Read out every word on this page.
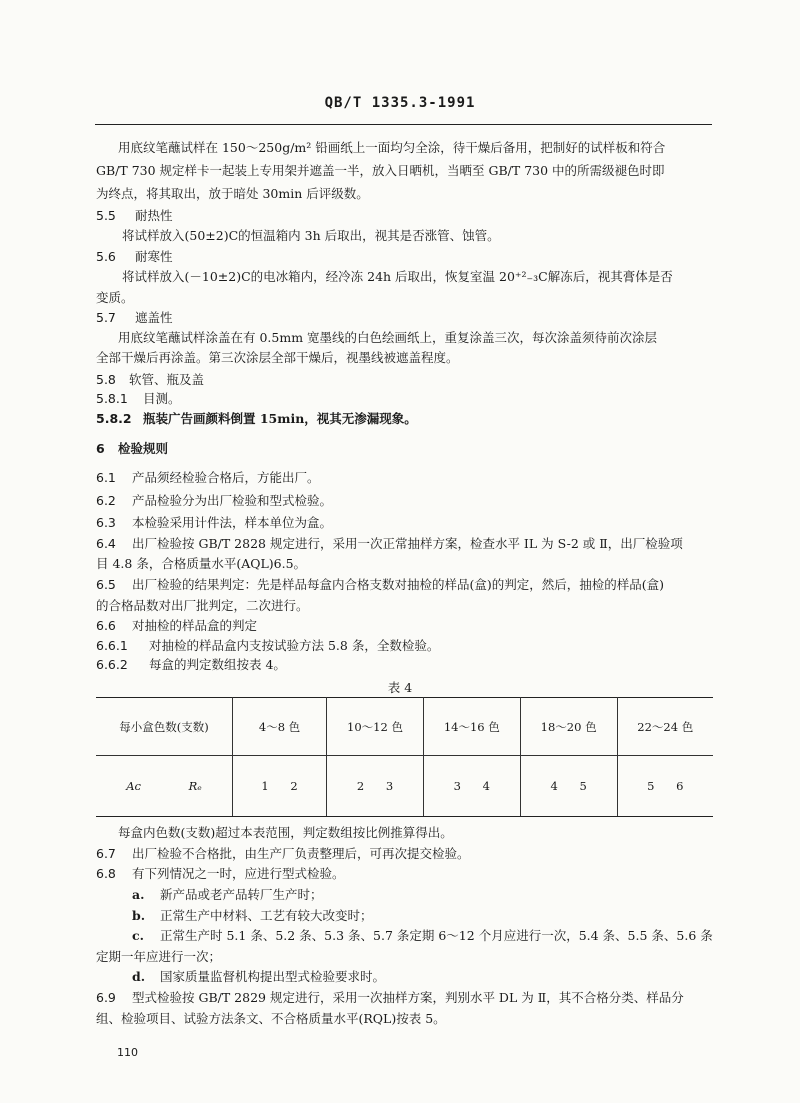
QB/T 1335.3-1991
用底纹笔蘸试样在 150～250g/m² 铅画纸上一面均匀全涂，待干燥后备用，把制好的试样板和符合
GB/T 730 规定样卡一起装上专用架并遮盖一半，放入日晒机，当晒至 GB/T 730 中的所需级褪色时即
为终点，将其取出，放于暗处 30min 后评级数。
5.5 耐热性
将试样放入(50±2)C的恒温箱内 3h 后取出，视其是否涨管、蚀管。
5.6 耐寒性
将试样放入(－10±2)C的电冰箱内，经冷冻 24h 后取出，恢复室温 20⁺²₋₃C解冻后，视其膏体是否
变质。
5.7 遮盖性
用底纹笔蘸试样涂盖在有 0.5mm 宽墨线的白色绘画纸上，重复涂盖三次，每次涂盖须待前次涂层
全部干燥后再涂盖。第三次涂层全部干燥后，视墨线被遮盖程度。
5.8 软管、瓶及盖
5.8.1 目测。
5.8.2 瓶装广告画颜料倒置 15min，视其无渗漏现象。
6 检验规则
6.1 产品须经检验合格后，方能出厂。
6.2 产品检验分为出厂检验和型式检验。
6.3 本检验采用计件法，样本单位为盒。
6.4 出厂检验按 GB/T 2828 规定进行，采用一次正常抽样方案，检查水平 IL 为 S-2 或 Ⅱ，出厂检验项
目 4.8 条，合格质量水平(AQL)6.5。
6.5 出厂检验的结果判定：先是样品每盒内合格支数对抽检的样品(盒)的判定，然后，抽检的样品(盒)
的合格品数对出厂批判定，二次进行。
6.6 对抽检的样品盒的判定
6.6.1 对抽检的样品盒内支按试验方法 5.8 条，全数检验。
6.6.2 每盒的判定数组按表 4。
表 4
每小盒色数(支数)	4～8 色	10～12 色	14～16 色	18～20 色	22～24 色
Aᴄ Rₑ	1 2	2 3	3 4	4 5	5 6
每盒内色数(支数)超过本表范围，判定数组按比例推算得出。
6.7 出厂检验不合格批，由生产厂负责整理后，可再次提交检验。
6.8 有下列情况之一时，应进行型式检验。
a. 新产品或老产品转厂生产时；
b. 正常生产中材料、工艺有较大改变时；
c. 正常生产时 5.1 条、5.2 条、5.3 条、5.7 条定期 6～12 个月应进行一次，5.4 条、5.5 条、5.6 条
定期一年应进行一次；
d. 国家质量监督机构提出型式检验要求时。
6.9 型式检验按 GB/T 2829 规定进行，采用一次抽样方案，判别水平 DL 为 Ⅱ，其不合格分类、样品分
组、检验项目、试验方法条文、不合格质量水平(RQL)按表 5。
110
